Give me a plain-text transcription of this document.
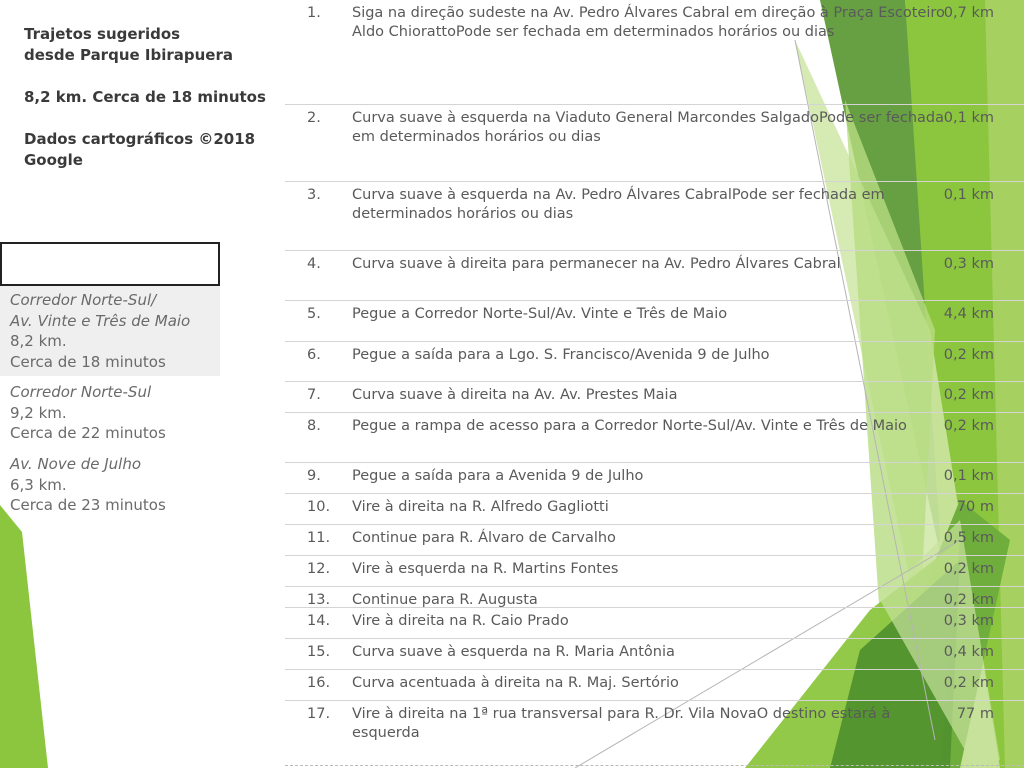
Trajetos sugeridos
desde Parque Ibirapuera
8,2 km. Cerca de 18 minutos
Dados cartográficos ©2018
Google
Corredor Norte-Sul/
Av. Vinte e Três de Maio
8,2 km.
Cerca de 18 minutos
Corredor Norte-Sul
9,2 km.
Cerca de 22 minutos
Av. Nove de Julho
6,3 km.
Cerca de 23 minutos
1. Siga na direção sudeste na Av. Pedro Álvares Cabral em direção à Praça Escoteiro Aldo ChiorattoPode ser fechada em determinados horários ou dias
0,7 km
2. Curva suave à esquerda na Viaduto General Marcondes SalgadoPode ser fechada em determinados horários ou dias
0,1 km
3. Curva suave à esquerda na Av. Pedro Álvares CabralPode ser fechada em determinados horários ou dias
0,1 km
4. Curva suave à direita para permanecer na Av. Pedro Álvares Cabral	0,3 km
5. Pegue a Corredor Norte-Sul/Av. Vinte e Três de Maio	4,4 km
6. Pegue a saída para a Lgo. S. Francisco/Avenida 9 de Julho	0,2 km
7. Curva suave à direita na Av. Av. Prestes Maia	0,2 km
8. Pegue a rampa de acesso para a Corredor Norte-Sul/Av. Vinte e Três de Maio	0,2 km
9. Pegue a saída para a Avenida 9 de Julho	0,1 km
10. Vire à direita na R. Alfredo Gagliotti	70 m
11. Continue para R. Álvaro de Carvalho	0,5 km
12. Vire à esquerda na R. Martins Fontes	0,2 km
13. Continue para R. Augusta	0,2 km
14. Vire à direita na R. Caio Prado	0,3 km
15. Curva suave à esquerda na R. Maria Antônia	0,4 km
16. Curva acentuada à direita na R. Maj. Sertório	0,2 km
17. Vire à direita na 1ª rua transversal para R. Dr. Vila NovaO destino estará à esquerda
77 m
